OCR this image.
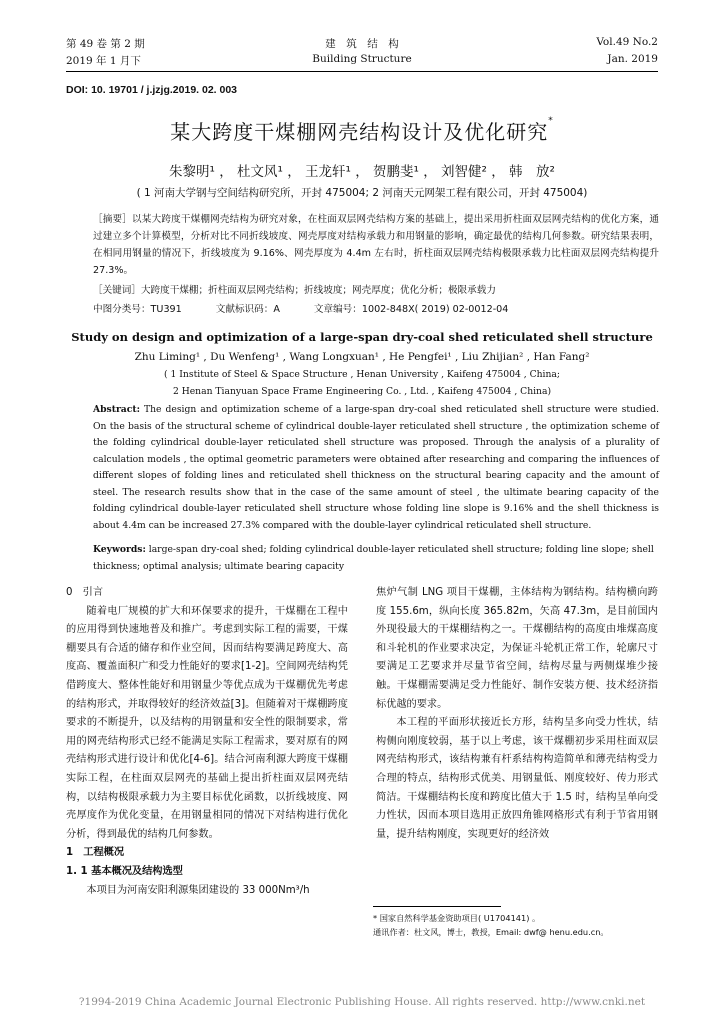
第 49 卷 第 2 期
2019 年 1 月下
建　筑　结　构
Building Structure
Vol.49 No.2
Jan. 2019
DOI: 10. 19701 / j.jzjg.2019. 02. 003
某大跨度干煤棚网壳结构设计及优化研究*
朱黎明¹ ， 杜文风¹ ， 王龙轩¹ ， 贺鹏斐¹ ， 刘智健² ， 韩　放²
( 1 河南大学钢与空间结构研究所，开封 475004; 2 河南天元网架工程有限公司，开封 475004)
［摘要］以某大跨度干煤棚网壳结构为研究对象，在柱面双层网壳结构方案的基础上，提出采用折柱面双层网壳结构的优化方案，通过建立多个计算模型，分析对比不同折线坡度、网壳厚度对结构承载力和用钢量的影响，确定最优的结构几何参数。研究结果表明，在相同用钢量的情况下，折线坡度为 9.16%、网壳厚度为 4.4m 左右时，折柱面双层网壳结构极限承载力比柱面双层网壳结构提升 27.3%。
［关键词］大跨度干煤棚；折柱面双层网壳结构；折线坡度；网壳厚度；优化分析；极限承载力
中图分类号：TU391	文献标识码：A	文章编号：1002-848X( 2019) 02-0012-04
Study on design and optimization of a large-span dry-coal shed reticulated shell structure
Zhu Liming¹ , Du Wenfeng¹ , Wang Longxuan¹ , He Pengfei¹ , Liu Zhijian² , Han Fang²
( 1 Institute of Steel & Space Structure , Henan University , Kaifeng 475004 , China;
2 Henan Tianyuan Space Frame Engineering Co. , Ltd. , Kaifeng 475004 , China)
Abstract: The design and optimization scheme of a large-span dry-coal shed reticulated shell structure were studied. On the basis of the structural scheme of cylindrical double-layer reticulated shell structure , the optimization scheme of the folding cylindrical double-layer reticulated shell structure was proposed. Through the analysis of a plurality of calculation models , the optimal geometric parameters were obtained after researching and comparing the influences of different slopes of folding lines and reticulated shell thickness on the structural bearing capacity and the amount of steel. The research results show that in the case of the same amount of steel , the ultimate bearing capacity of the folding cylindrical double-layer reticulated shell structure whose folding line slope is 9.16% and the shell thickness is about 4.4m can be increased 27.3% compared with the double-layer cylindrical reticulated shell structure.
Keywords: large-span dry-coal shed; folding cylindrical double-layer reticulated shell structure; folding line slope; shell thickness; optimal analysis; ultimate bearing capacity
0　引言

随着电厂规模的扩大和环保要求的提升，干煤棚在工程中的应用得到快速地普及和推广。考虑到实际工程的需要，干煤棚要具有合适的储存和作业空间，因而结构要满足跨度大、高度高、覆盖面积广和受力性能好的要求[1-2]。空间网壳结构凭借跨度大、整体性能好和用钢量少等优点成为干煤棚优先考虑的结构形式，并取得较好的经济效益[3]。但随着对干煤棚跨度要求的不断提升，以及结构的用钢量和安全性的限制要求，常用的网壳结构形式已经不能满足实际工程需求，要对原有的网壳结构形式进行设计和优化[4-6]。结合河南利源大跨度干煤棚实际工程，在柱面双层网壳的基础上提出折柱面双层网壳结构，以结构极限承载力为主要目标优化函数，以折线坡度、网壳厚度作为优化变量，在用钢量相同的情况下对结构进行优化分析，得到最优的结构几何参数。

1　工程概况
1. 1 基本概况及结构选型

本项目为河南安阳利源集团建设的 33 000Nm³/h

焦炉气制 LNG 项目干煤棚，主体结构为钢结构。结构横向跨度 155.6m，纵向长度 365.82m，矢高 47.3m，是目前国内外现役最大的干煤棚结构之一。干煤棚结构的高度由堆煤高度和斗轮机的作业要求决定，为保证斗轮机正常工作，轮廓尺寸要满足工艺要求并尽量节省空间，结构尽量与两侧煤堆少接触。干煤棚需要满足受力性能好、制作安装方便、技术经济指标优越的要求。

本工程的平面形状接近长方形，结构呈多向受力性状，结构侧向刚度较弱，基于以上考虑，该干煤棚初步采用柱面双层网壳结构形式，该结构兼有杆系结构构造简单和薄壳结构受力合理的特点，结构形式优美、用钢量低、刚度较好、传力形式简洁。干煤棚结构长度和跨度比值大于 1.5 时，结构呈单向受力性状，因而本项目选用正放四角锥网格形式有利于节省用钢量，提升结构刚度，实现更好的经济效

* 国家自然科学基金资助项目( U1704141) 。
通讯作者：杜文风，博士，教授，Email: dwf@ henu.edu.cn。
?1994-2019 China Academic Journal Electronic Publishing House. All rights reserved. http://www.cnki.net
